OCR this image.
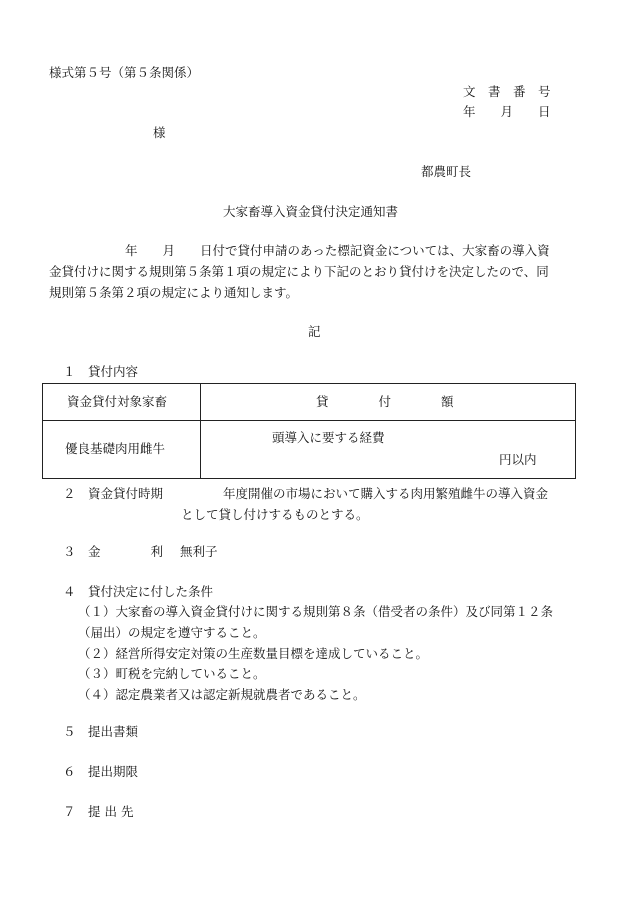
様式第５号（第５条関係）
文　書　番　号
年　　月　　日
様
都農町長
大家畜導入資金貸付決定通知書
年　　月　　日付で貸付申請のあった標記資金については、大家畜の導入資
金貸付けに関する規則第５条第１項の規定により下記のとおり貸付けを決定したので、同
規則第５条第２項の規定により通知します。
記
１　貸付内容
資金貸付対象家畜	貸　　　　付　　　　額
優良基礎肉用雌牛
頭導入に要する経費
円以内
２　資金貸付時期	年度開催の市場において購入する肉用繁殖雌牛の導入資金
として貸し付けするものとする。
３　金　　　　利 無利子
４　貸付決定に付した条件
（１）大家畜の導入資金貸付けに関する規則第８条（借受者の条件）及び同第１２条
（届出）の規定を遵守すること。
（２）経営所得安定対策の生産数量目標を達成していること。
（３）町税を完納していること。
（４）認定農業者又は認定新規就農者であること。
５　提出書類
６　提出期限
７　提 出 先
